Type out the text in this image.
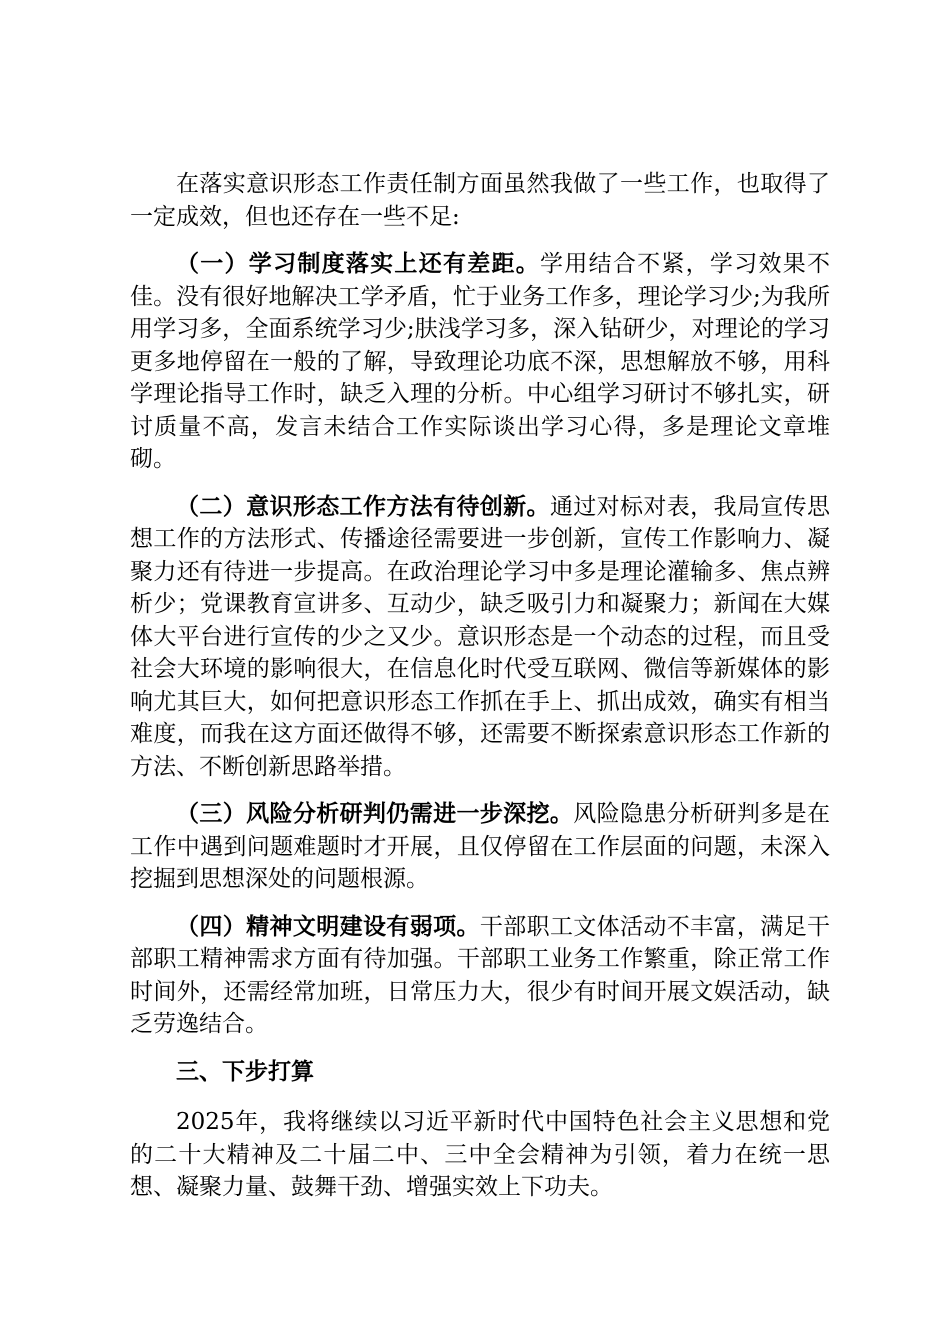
在落实意识形态工作责任制方面虽然我做了一些工作，也取得了一定成效，但也还存在一些不足:

（一）学习制度落实上还有差距。学用结合不紧，学习效果不佳。没有很好地解决工学矛盾，忙于业务工作多，理论学习少;为我所用学习多，全面系统学习少;肤浅学习多，深入钻研少，对理论的学习更多地停留在一般的了解，导致理论功底不深，思想解放不够，用科学理论指导工作时，缺乏入理的分析。中心组学习研讨不够扎实，研讨质量不高，发言未结合工作实际谈出学习心得，多是理论文章堆砌。

（二）意识形态工作方法有待创新。通过对标对表，我局宣传思想工作的方法形式、传播途径需要进一步创新，宣传工作影响力、凝聚力还有待进一步提高。在政治理论学习中多是理论灌输多、焦点辨析少；党课教育宣讲多、互动少，缺乏吸引力和凝聚力；新闻在大媒体大平台进行宣传的少之又少。意识形态是一个动态的过程，而且受社会大环境的影响很大，在信息化时代受互联网、微信等新媒体的影响尤其巨大，如何把意识形态工作抓在手上、抓出成效，确实有相当难度，而我在这方面还做得不够，还需要不断探索意识形态工作新的方法、不断创新思路举措。

（三）风险分析研判仍需进一步深挖。风险隐患分析研判多是在工作中遇到问题难题时才开展，且仅停留在工作层面的问题，未深入挖掘到思想深处的问题根源。

（四）精神文明建设有弱项。干部职工文体活动不丰富，满足干部职工精神需求方面有待加强。干部职工业务工作繁重，除正常工作时间外，还需经常加班，日常压力大，很少有时间开展文娱活动，缺乏劳逸结合。

三、下步打算

2025年，我将继续以习近平新时代中国特色社会主义思想和党的二十大精神及二十届二中、三中全会精神为引领，着力在统一思想、凝聚力量、鼓舞干劲、增强实效上下功夫。
